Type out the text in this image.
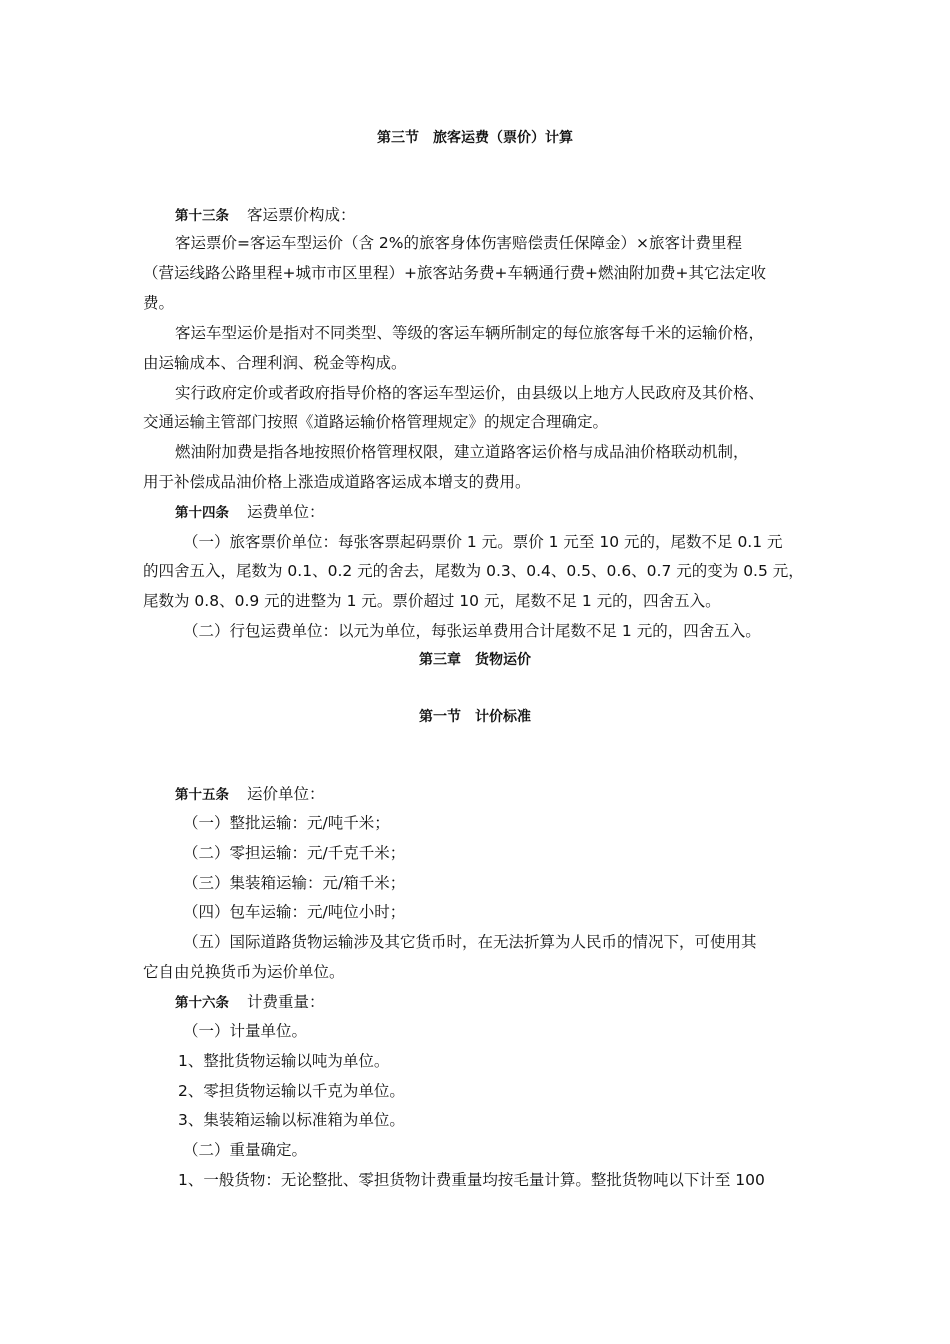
第三节　旅客运费（票价）计算
第十三条 客运票价构成：
客运票价=客运车型运价（含 2%的旅客身体伤害赔偿责任保障金）×旅客计费里程
（营运线路公路里程+城市市区里程）+旅客站务费+车辆通行费+燃油附加费+其它法定收
费。
客运车型运价是指对不同类型、等级的客运车辆所制定的每位旅客每千米的运输价格，
由运输成本、合理利润、税金等构成。
实行政府定价或者政府指导价格的客运车型运价，由县级以上地方人民政府及其价格、
交通运输主管部门按照《道路运输价格管理规定》的规定合理确定。
燃油附加费是指各地按照价格管理权限，建立道路客运价格与成品油价格联动机制，
用于补偿成品油价格上涨造成道路客运成本增支的费用。
第十四条 运费单位：
（一）旅客票价单位：每张客票起码票价 1 元。票价 1 元至 10 元的，尾数不足 0.1 元
的四舍五入，尾数为 0.1、0.2 元的舍去，尾数为 0.3、0.4、0.5、0.6、0.7 元的变为 0.5 元，
尾数为 0.8、0.9 元的进整为 1 元。票价超过 10 元，尾数不足 1 元的，四舍五入。
（二）行包运费单位：以元为单位，每张运单费用合计尾数不足 1 元的，四舍五入。
第三章　货物运价
第一节　计价标准
第十五条 运价单位：
（一）整批运输：元/吨千米；
（二）零担运输：元/千克千米；
（三）集装箱运输：元/箱千米；
（四）包车运输：元/吨位小时；
（五）国际道路货物运输涉及其它货币时，在无法折算为人民币的情况下，可使用其
它自由兑换货币为运价单位。
第十六条 计费重量：
（一）计量单位。
1、整批货物运输以吨为单位。
2、零担货物运输以千克为单位。
3、集装箱运输以标准箱为单位。
（二）重量确定。
1、一般货物：无论整批、零担货物计费重量均按毛量计算。整批货物吨以下计至 100
